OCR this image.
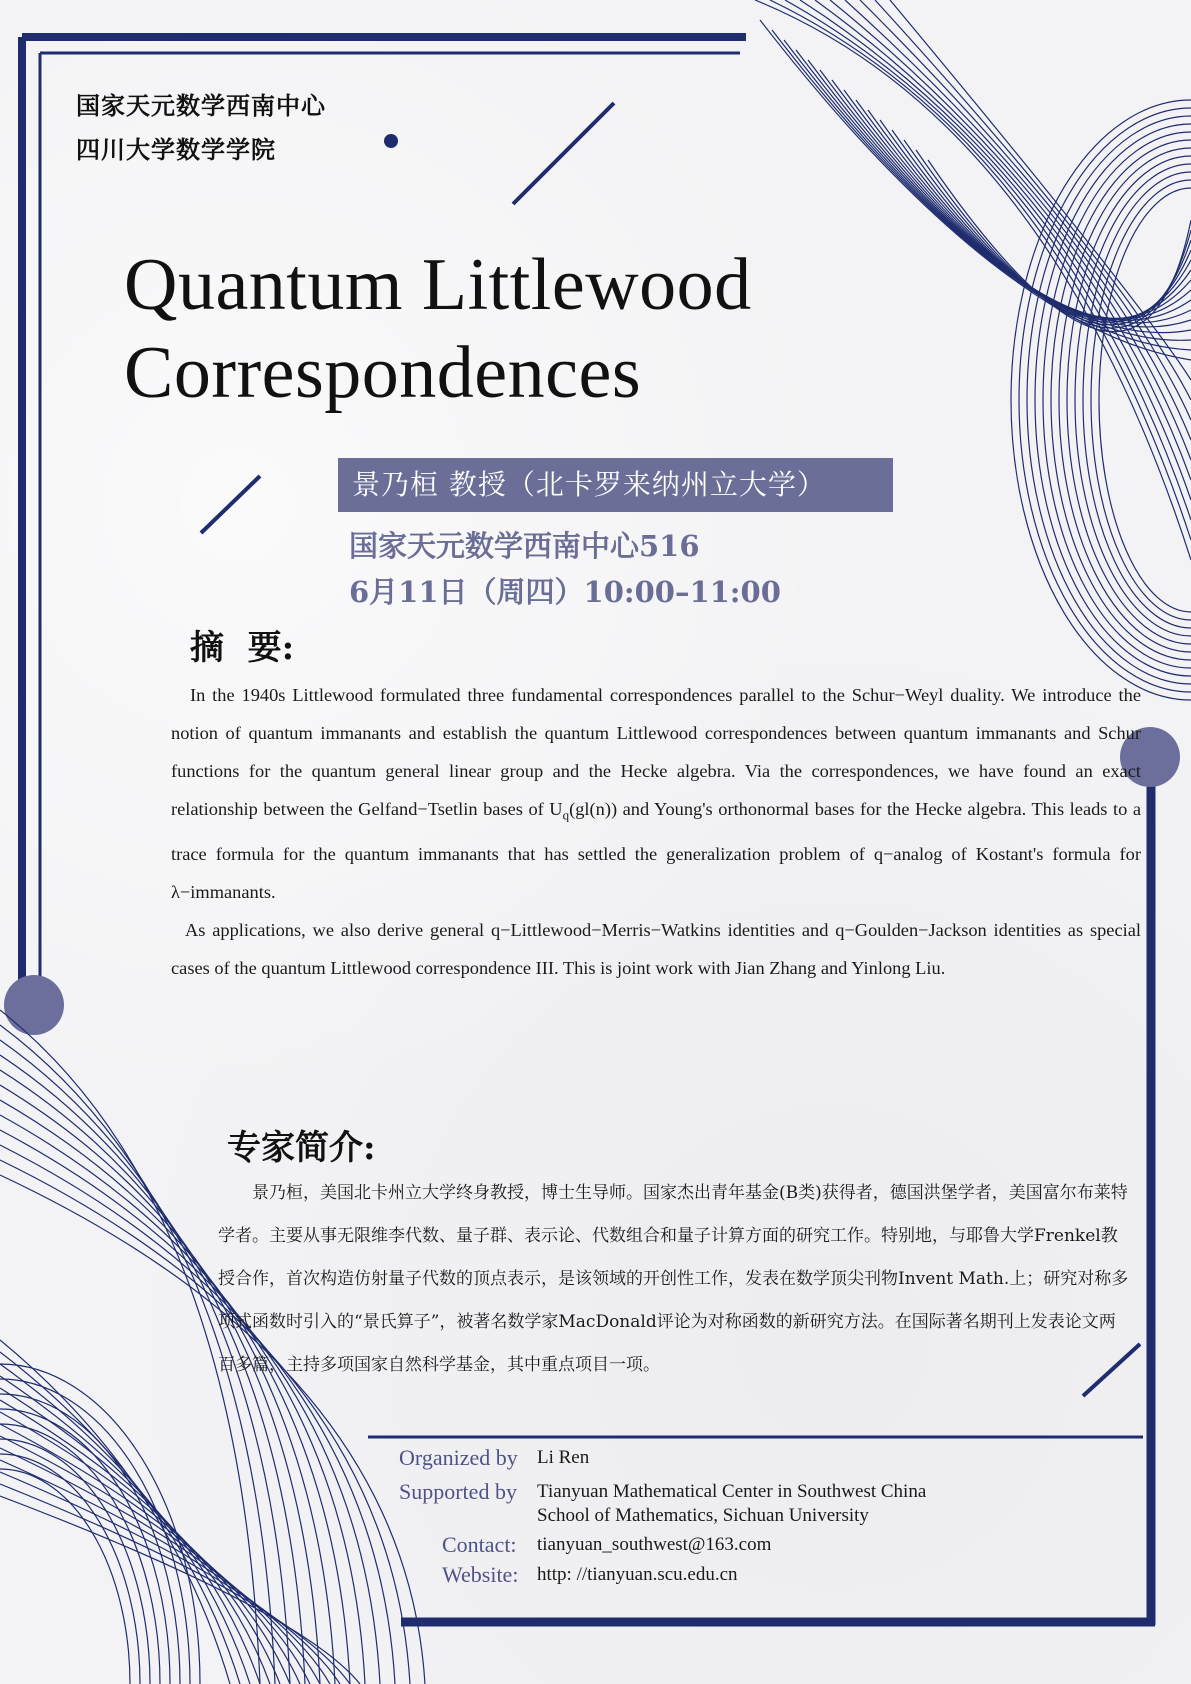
国家天元数学西南中心
四川大学数学学院
Quantum Littlewood
Correspondences
景乃桓 教授（北卡罗来纳州立大学）
国家天元数学西南中心516
6月11日（周四）10:00–11:00
摘  要:

In the 1940s Littlewood formulated three fundamental correspondences parallel to the Schur−Weyl duality. We introduce the notion of quantum immanants and establish the quantum Littlewood correspondences between quantum immanants and Schur functions for the quantum general linear group and the Hecke algebra. Via the correspondences, we have found an exact relationship between the Gelfand−Tsetlin bases of $U_q(gl(n))$ and Young's orthonormal bases for the Hecke algebra. This leads to a trace formula for the quantum immanants that has settled the generalization problem of q−analog of Kostant's formula for λ−immanants.

As applications, we also derive general q−Littlewood−Merris−Watkins identities and q−Goulden−Jackson identities as special cases of the quantum Littlewood correspondence III. This is joint work with Jian Zhang and Yinlong Liu.

专家简介:

景乃桓，美国北卡州立大学终身教授，博士生导师。国家杰出青年基金(B类)获得者，德国洪堡学者，美国富尔布莱特学者。主要从事无限维李代数、量子群、表示论、代数组合和量子计算方面的研究工作。特别地，与耶鲁大学Frenkel教授合作，首次构造仿射量子代数的顶点表示，是该领域的开创性工作，发表在数学顶尖刊物Invent Math.上；研究对称多项式函数时引入的“景氏算子”，被著名数学家MacDonald评论为对称函数的新研究方法。在国际著名期刊上发表论文两百多篇，主持多项国家自然科学基金，其中重点项目一项。

Organized by Li Ren
Supported by Tianyuan Mathematical Center in Southwest China
School of Mathematics, Sichuan University
Contact: tianyuan_southwest@163.com
Website: http: //tianyuan.scu.edu.cn
